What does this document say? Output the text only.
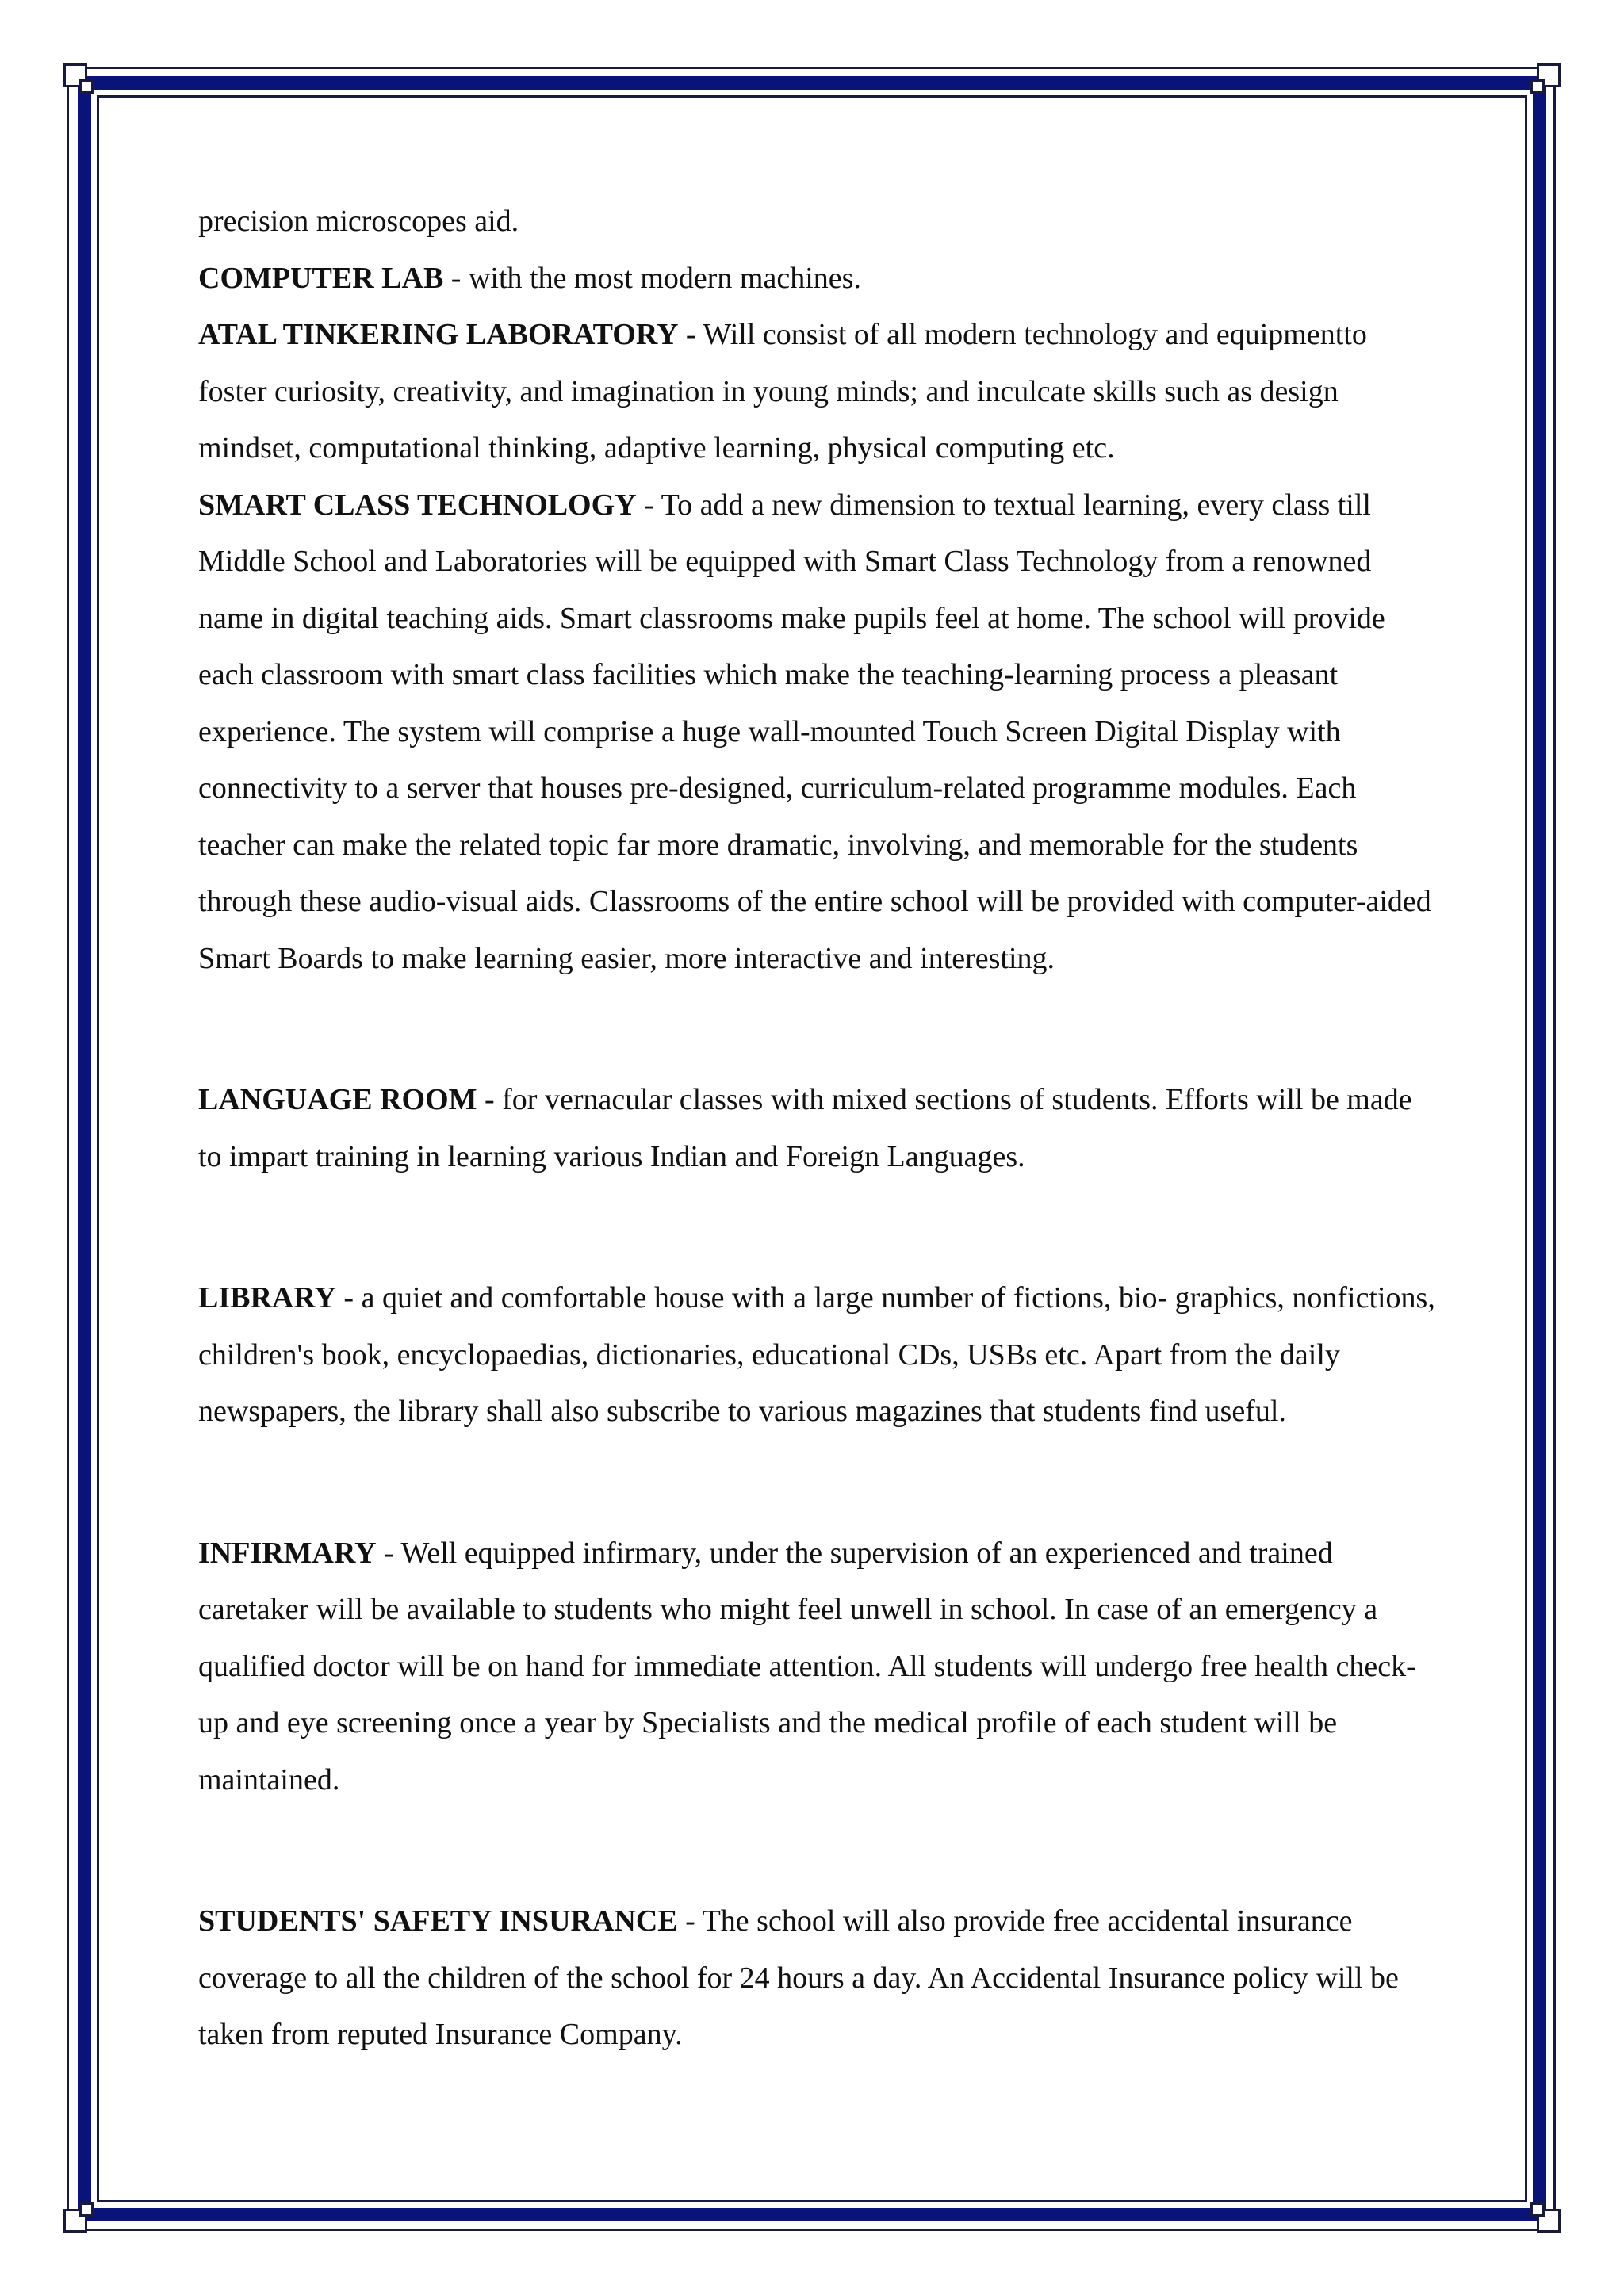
precision microscopes aid.

COMPUTER LAB - with the most modern machines.

ATAL TINKERING LABORATORY - Will consist of all modern technology and equipmentto foster curiosity, creativity, and imagination in young minds; and inculcate skills such as design mindset, computational thinking, adaptive learning, physical computing etc.

SMART CLASS TECHNOLOGY - To add a new dimension to textual learning, every class till Middle School and Laboratories will be equipped with Smart Class Technology from a renowned name in digital teaching aids. Smart classrooms make pupils feel at home. The school will provide each classroom with smart class facilities which make the teaching-learning process a pleasant experience. The system will comprise a huge wall-mounted Touch Screen Digital Display with connectivity to a server that houses pre-designed, curriculum-related programme modules. Each teacher can make the related topic far more dramatic, involving, and memorable for the students through these audio-visual aids. Classrooms of the entire school will be provided with computer-aided Smart Boards to make learning easier, more interactive and interesting.

LANGUAGE ROOM - for vernacular classes with mixed sections of students. Efforts will be made to impart training in learning various Indian and Foreign Languages.

LIBRARY - a quiet and comfortable house with a large number of fictions, bio- graphics, nonfictions, children's book, encyclopaedias, dictionaries, educational CDs, USBs etc. Apart from the daily newspapers, the library shall also subscribe to various magazines that students find useful.

INFIRMARY - Well equipped infirmary, under the supervision of an experienced and trained caretaker will be available to students who might feel unwell in school. In case of an emergency a qualified doctor will be on hand for immediate attention. All students will undergo free health check-up and eye screening once a year by Specialists and the medical profile of each student will be maintained.

STUDENTS' SAFETY INSURANCE - The school will also provide free accidental insurance coverage to all the children of the school for 24 hours a day. An Accidental Insurance policy will be taken from reputed Insurance Company.
